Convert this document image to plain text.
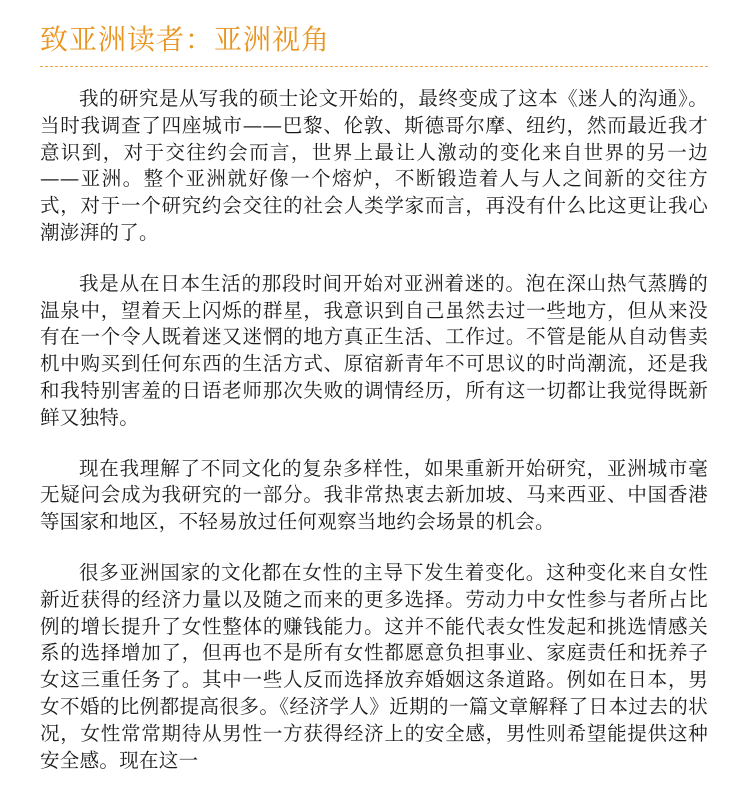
致亚洲读者：亚洲视角

我的研究是从写我的硕士论文开始的，最终变成了这本《迷人的沟通》。当时我调查了四座城市——巴黎、伦敦、斯德哥尔摩、纽约，然而最近我才意识到，对于交往约会而言，世界上最让人激动的变化来自世界的另一边——亚洲。整个亚洲就好像一个熔炉，不断锻造着人与人之间新的交往方式，对于一个研究约会交往的社会人类学家而言，再没有什么比这更让我心潮澎湃的了。

我是从在日本生活的那段时间开始对亚洲着迷的。泡在深山热气蒸腾的温泉中，望着天上闪烁的群星，我意识到自己虽然去过一些地方，但从来没有在一个令人既着迷又迷惘的地方真正生活、工作过。不管是能从自动售卖机中购买到任何东西的生活方式、原宿新青年不可思议的时尚潮流，还是我和我特别害羞的日语老师那次失败的调情经历，所有这一切都让我觉得既新鲜又独特。

现在我理解了不同文化的复杂多样性，如果重新开始研究，亚洲城市毫无疑问会成为我研究的一部分。我非常热衷去新加坡、马来西亚、中国香港等国家和地区，不轻易放过任何观察当地约会场景的机会。

很多亚洲国家的文化都在女性的主导下发生着变化。这种变化来自女性新近获得的经济力量以及随之而来的更多选择。劳动力中女性参与者所占比例的增长提升了女性整体的赚钱能力。这并不能代表女性发起和挑选情感关系的选择增加了，但再也不是所有女性都愿意负担事业、家庭责任和抚养子女这三重任务了。其中一些人反而选择放弃婚姻这条道路。例如在日本，男女不婚的比例都提高很多。《经济学人》近期的一篇文章解释了日本过去的状况，女性常常期待从男性一方获得经济上的安全感，男性则希望能提供这种安全感。现在这一
